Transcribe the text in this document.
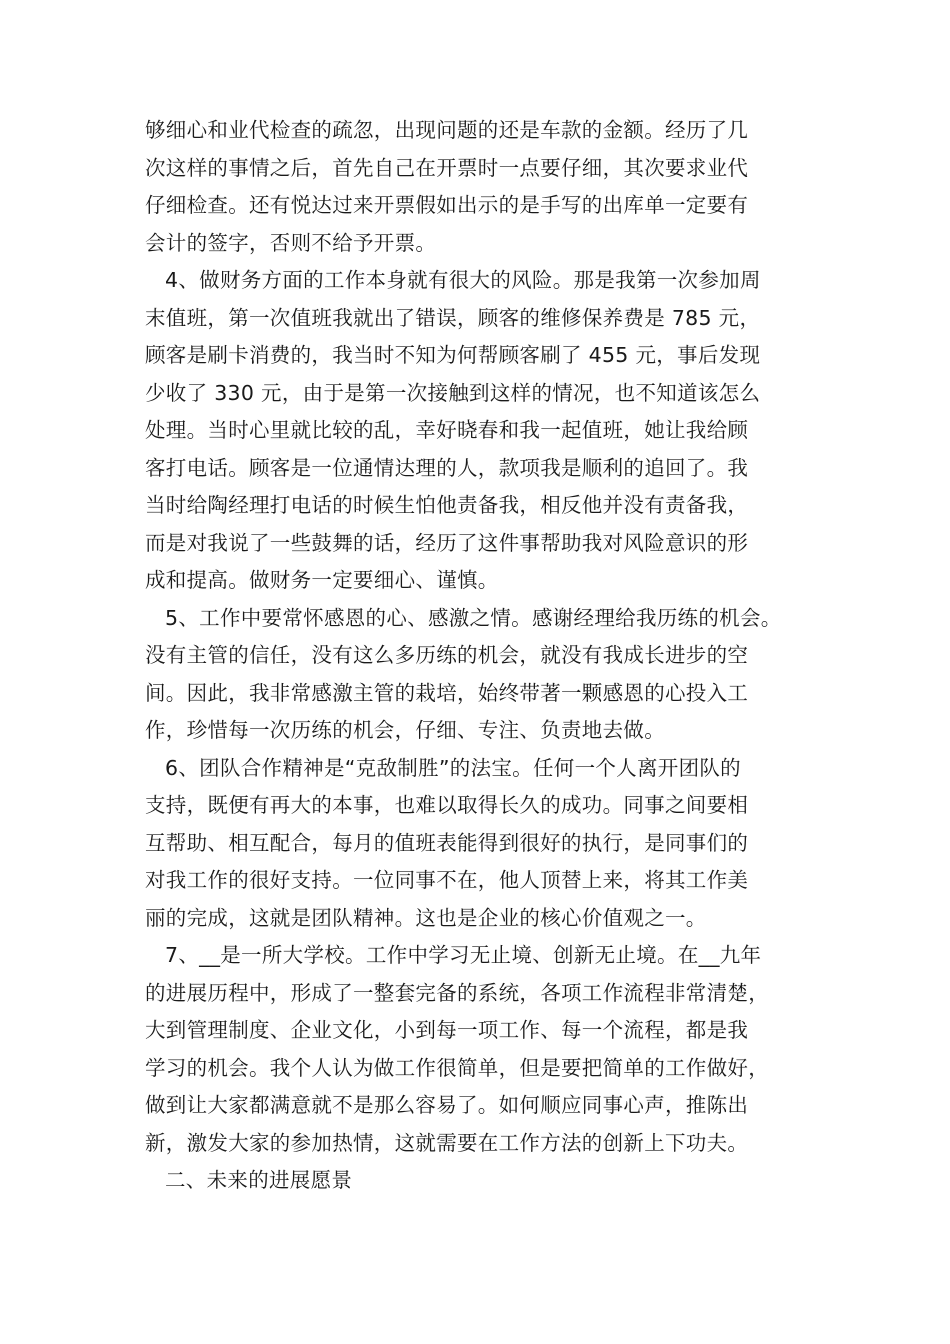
够细心和业代检查的疏忽，出现问题的还是车款的金额。经历了几
次这样的事情之后，首先自己在开票时一点要仔细，其次要求业代
仔细检查。还有悦达过来开票假如出示的是手写的出库单一定要有
会计的签字，否则不给予开票。
4、做财务方面的工作本身就有很大的风险。那是我第一次参加周
末值班，第一次值班我就出了错误，顾客的维修保养费是 785 元，
顾客是刷卡消费的，我当时不知为何帮顾客刷了 455 元，事后发现
少收了 330 元，由于是第一次接触到这样的情况，也不知道该怎么
处理。当时心里就比较的乱，幸好晓春和我一起值班，她让我给顾
客打电话。顾客是一位通情达理的人，款项我是顺利的追回了。我
当时给陶经理打电话的时候生怕他责备我，相反他并没有责备我，
而是对我说了一些鼓舞的话，经历了这件事帮助我对风险意识的形
成和提高。做财务一定要细心、谨慎。
5、工作中要常怀感恩的心、感激之情。感谢经理给我历练的机会。
没有主管的信任，没有这么多历练的机会，就没有我成长进步的空
间。因此，我非常感激主管的栽培，始终带著一颗感恩的心投入工
作，珍惜每一次历练的机会，仔细、专注、负责地去做。
6、团队合作精神是“克敌制胜”的法宝。任何一个人离开团队的
支持，既便有再大的本事，也难以取得长久的成功。同事之间要相
互帮助、相互配合，每月的值班表能得到很好的执行，是同事们的
对我工作的很好支持。一位同事不在，他人顶替上来，将其工作美
丽的完成，这就是团队精神。这也是企业的核心价值观之一。
7、__是一所大学校。工作中学习无止境、创新无止境。在__九年
的进展历程中，形成了一整套完备的系统，各项工作流程非常清楚，
大到管理制度、企业文化，小到每一项工作、每一个流程，都是我
学习的机会。我个人认为做工作很简单，但是要把简单的工作做好，
做到让大家都满意就不是那么容易了。如何顺应同事心声，推陈出
新，激发大家的参加热情，这就需要在工作方法的创新上下功夫。
二、未来的进展愿景
